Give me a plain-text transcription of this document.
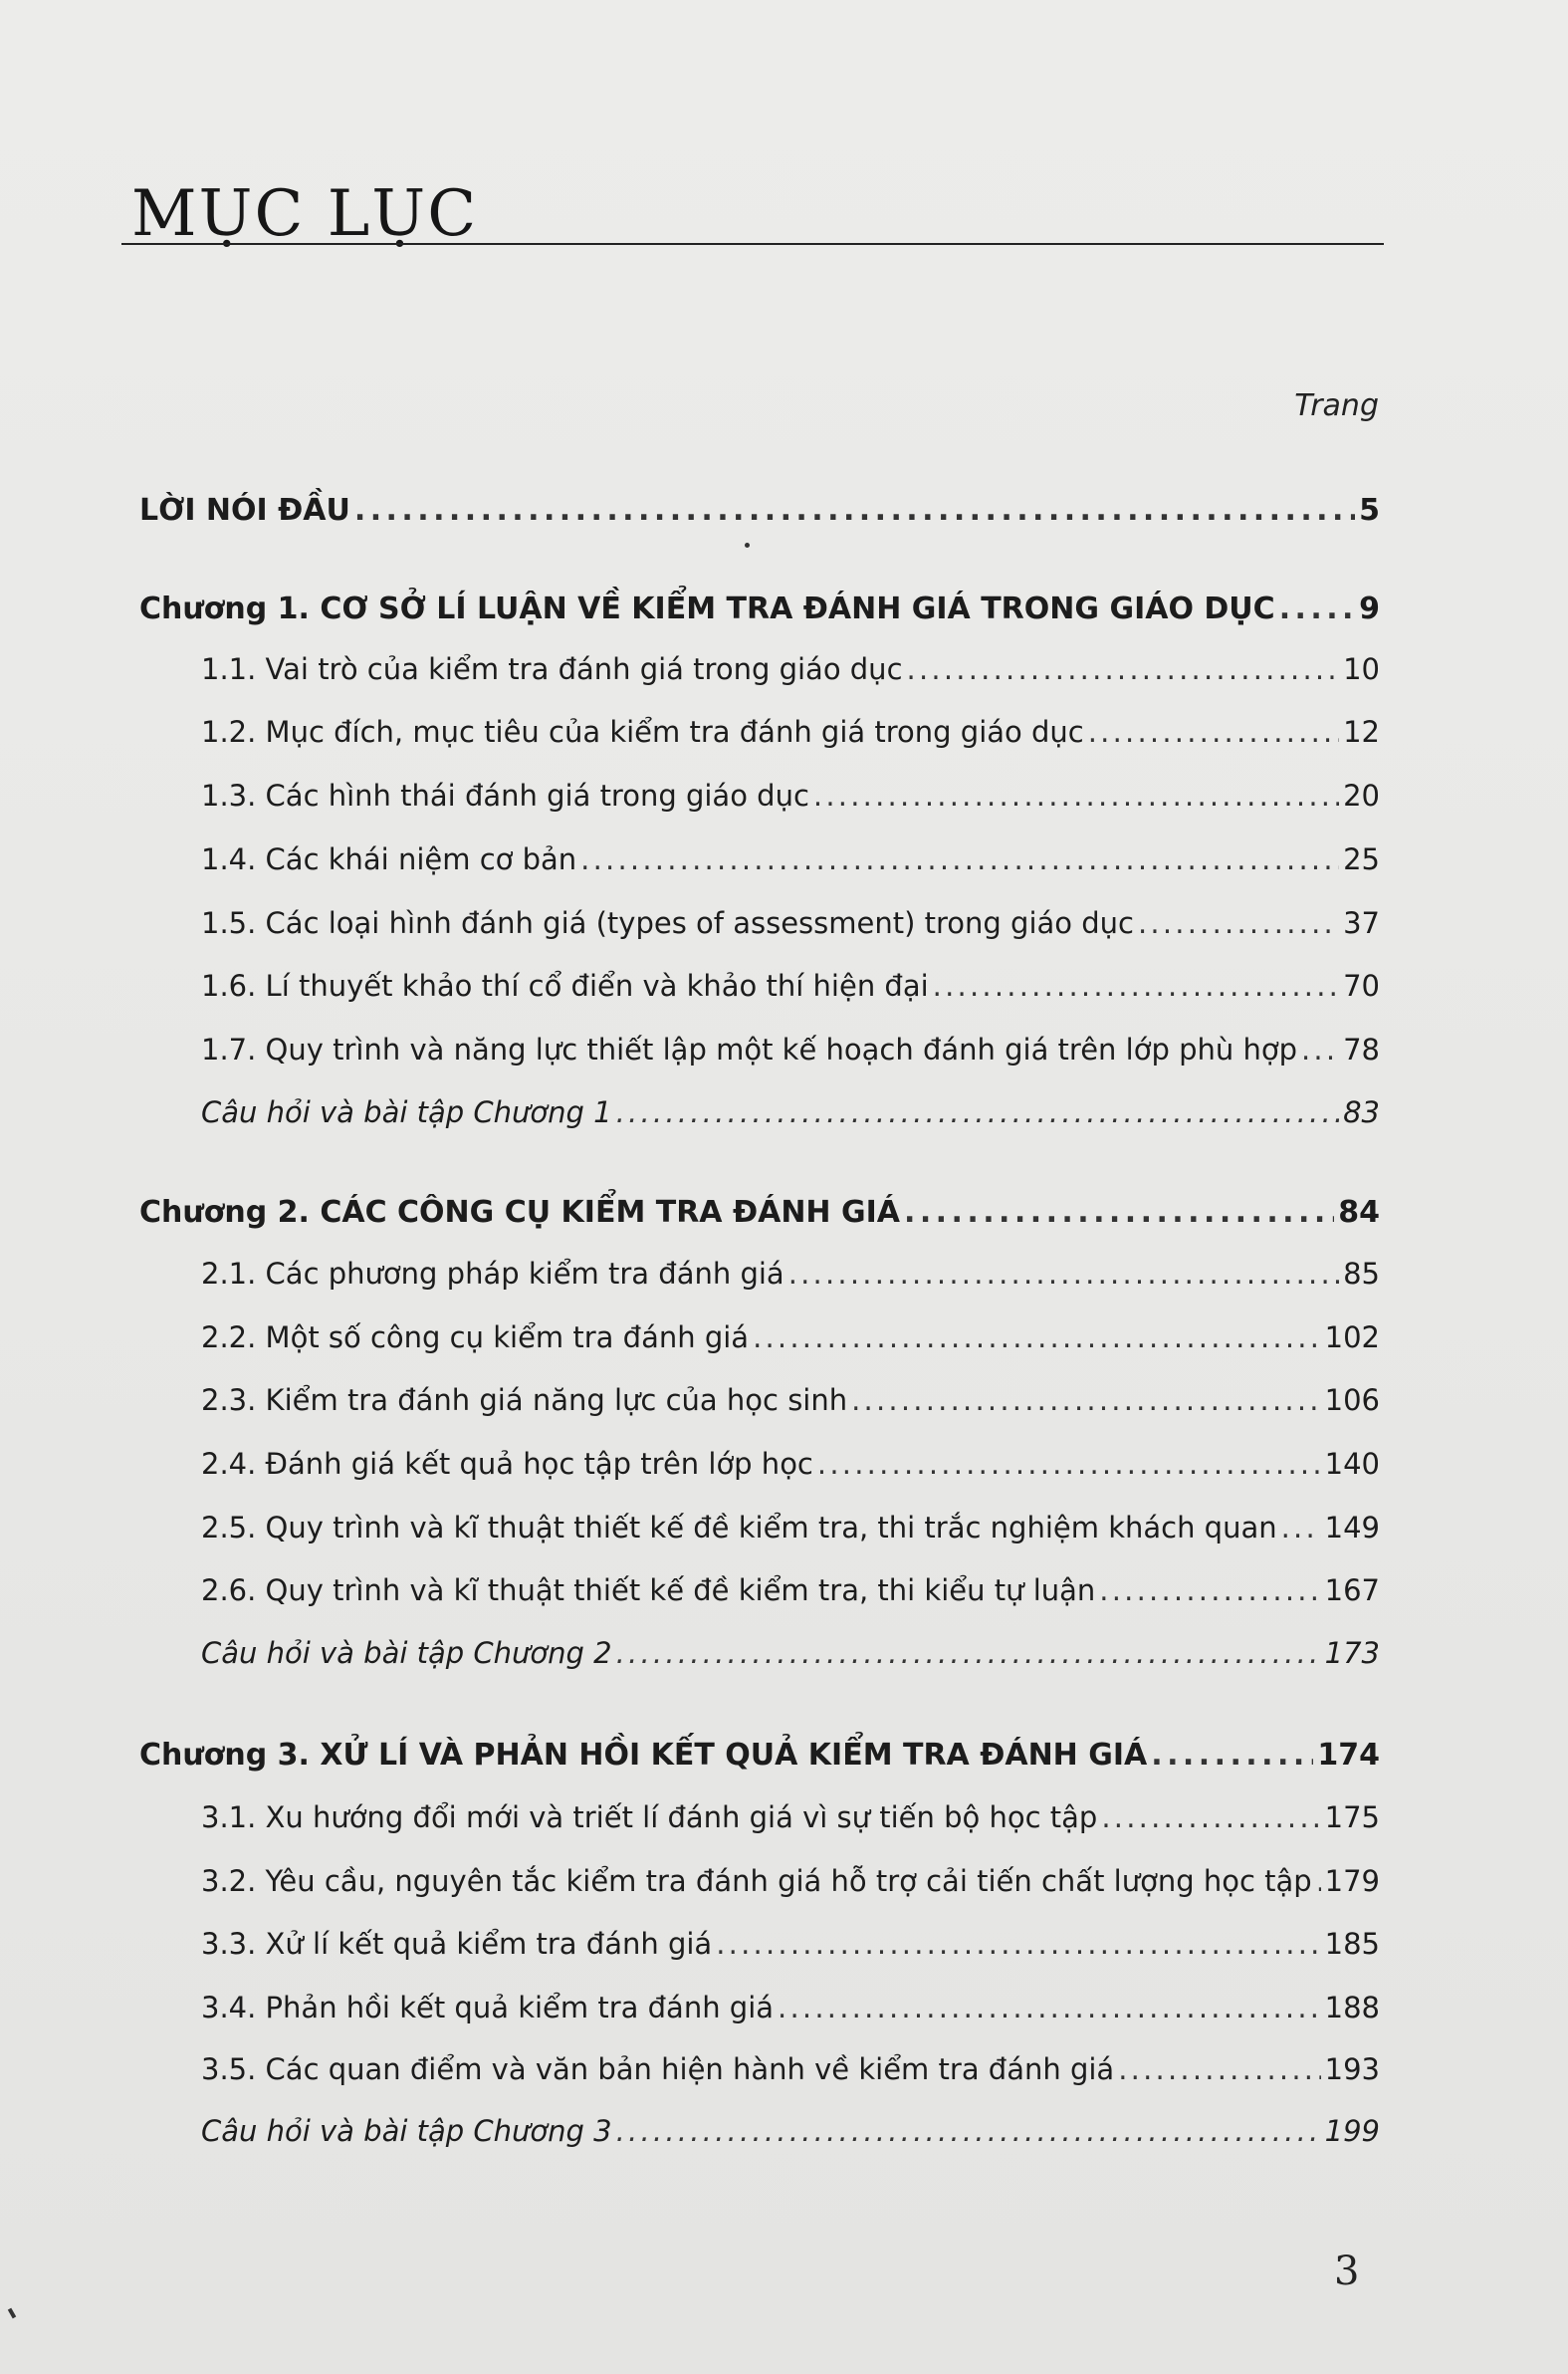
MỤC LỤC
Trang
LỜI NÓI ĐẦU . . .	5
Chương 1. CƠ SỞ LÍ LUẬN VỀ KIỂM TRA ĐÁNH GIÁ TRONG GIÁO DỤC . . .	9
1.1. Vai trò của kiểm tra đánh giá trong giáo dục . . .	10
1.2. Mục đích, mục tiêu của kiểm tra đánh giá trong giáo dục . . .	12
1.3. Các hình thái đánh giá trong giáo dục . . .	20
1.4. Các khái niệm cơ bản . . .	25
1.5. Các loại hình đánh giá (types of assessment) trong giáo dục . . .	37
1.6. Lí thuyết khảo thí cổ điển và khảo thí hiện đại . . .	70
1.7. Quy trình và năng lực thiết lập một kế hoạch đánh giá trên lớp phù hợp . . . 78
Câu hỏi và bài tập Chương 1 . . .	83
Chương 2. CÁC CÔNG CỤ KIỂM TRA ĐÁNH GIÁ . . .	84
2.1. Các phương pháp kiểm tra đánh giá . . .	85
2.2. Một số công cụ kiểm tra đánh giá . . .	102
2.3. Kiểm tra đánh giá năng lực của học sinh . . .	106
2.4. Đánh giá kết quả học tập trên lớp học . . .	140
2.5. Quy trình và kĩ thuật thiết kế đề kiểm tra, thi trắc nghiệm khách quan . . . 149
2.6. Quy trình và kĩ thuật thiết kế đề kiểm tra, thi kiểu tự luận . . .	167
Câu hỏi và bài tập Chương 2 . . .	173
Chương 3. XỬ LÍ VÀ PHẢN HỒI KẾT QUẢ KIỂM TRA ĐÁNH GIÁ . . .	174
3.1. Xu hướng đổi mới và triết lí đánh giá vì sự tiến bộ học tập . . .	175
3.2. Yêu cầu, nguyên tắc kiểm tra đánh giá hỗ trợ cải tiến chất lượng học tập . . . 179
3.3. Xử lí kết quả kiểm tra đánh giá . . .	185
3.4. Phản hồi kết quả kiểm tra đánh giá . . .	188
3.5. Các quan điểm và văn bản hiện hành về kiểm tra đánh giá . . .	193
Câu hỏi và bài tập Chương 3 . . .	199
3
